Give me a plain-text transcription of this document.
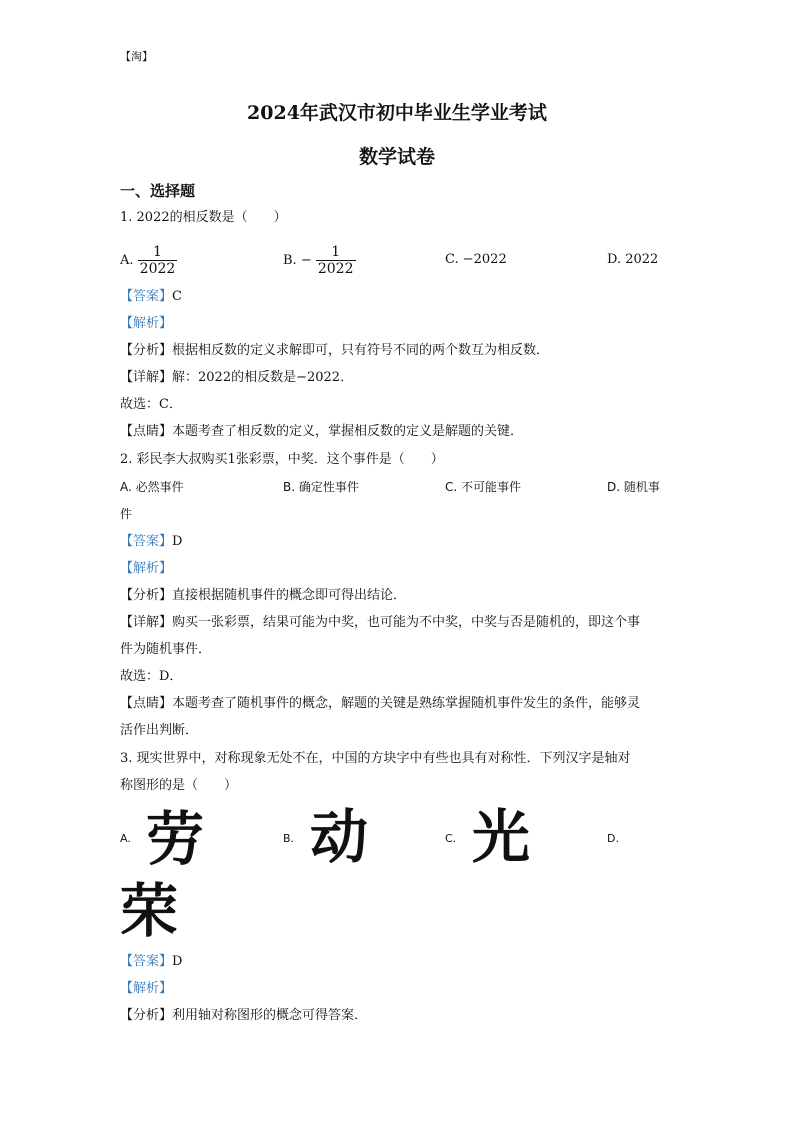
【淘】
2024年武汉市初中毕业生学业考试
数学试卷
一、选择题
1. 2022的相反数是（　　）
A. $\frac{1}{2022}$	B. − $\frac{1}{2022}$	C. −2022	D. 2022
【答案】C
【解析】
【分析】根据相反数的定义求解即可，只有符号不同的两个数互为相反数．
【详解】解：2022的相反数是−2022．
故选：C．
【点睛】本题考查了相反数的定义，掌握相反数的定义是解题的关键．
2. 彩民李大叔购买1张彩票，中奖．这个事件是（　　）
A. 必然事件	B. 确定性事件	C. 不可能事件	D. 随机事
件
【答案】D
【解析】
【分析】直接根据随机事件的概念即可得出结论．
【详解】购买一张彩票，结果可能为中奖，也可能为不中奖，中奖与否是随机的，即这个事
件为随机事件．
故选：D．
【点睛】本题考查了随机事件的概念，解题的关键是熟练掌握随机事件发生的条件，能够灵
活作出判断．
3. 现实世界中，对称现象无处不在，中国的方块字中有些也具有对称性．下列汉字是轴对
称图形的是（　　）
A. 劳	B. 动	C. 光	D.
荣
【答案】D
【解析】
【分析】利用轴对称图形的概念可得答案．
